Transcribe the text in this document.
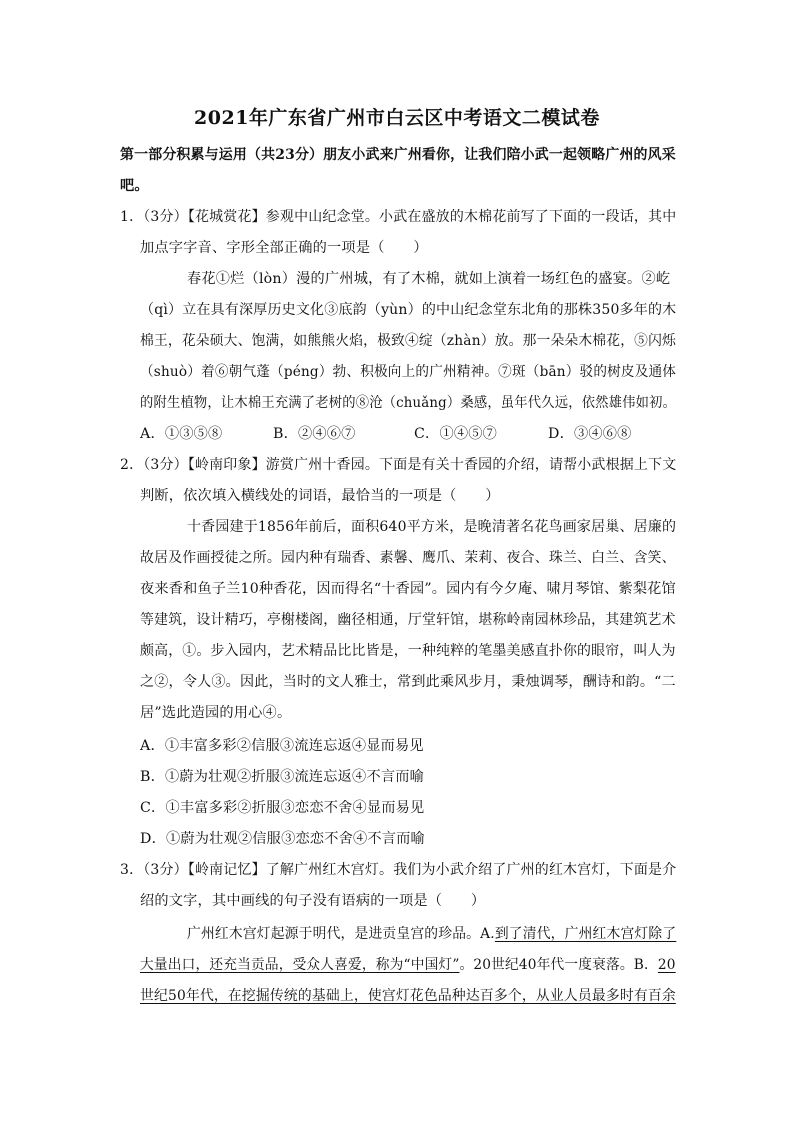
2021年广东省广州市白云区中考语文二模试卷
第一部分积累与运用（共23分）朋友小武来广州看你，让我们陪小武一起领略广州的风采
吧。
1．（3分）【花城赏花】参观中山纪念堂。小武在盛放的木棉花前写了下面的一段话，其中
加点字字音、字形全部正确的一项是（　　）
春花①烂（lòn）漫的广州城，有了木棉，就如上演着一场红色的盛宴。②屹
（qì）立在具有深厚历史文化③底韵（yùn）的中山纪念堂东北角的那株350多年的木
棉王，花朵硕大、饱满，如熊熊火焰，极致④绽（zhàn）放。那一朵朵木棉花，⑤闪烁
（shuò）着⑥朝气蓬（péng）勃、积极向上的广州精神。⑦斑（bān）驳的树皮及通体
的附生植物，让木棉王充满了老树的⑧沧（chuǎng）桑感，虽年代久远，依然雄伟如初。
A．①③⑤⑧	B．②④⑥⑦	C．①④⑤⑦	D．③④⑥⑧
2．（3分）【岭南印象】游赏广州十香园。下面是有关十香园的介绍，请帮小武根据上下文
判断，依次填入横线处的词语，最恰当的一项是（　　）
十香园建于1856年前后，面积640平方米，是晚清著名花鸟画家居巢、居廉的
故居及作画授徒之所。园内种有瑞香、素馨、鹰爪、茉莉、夜合、珠兰、白兰、含笑、
夜来香和鱼子兰10种香花，因而得名“十香园”。园内有今夕庵、啸月琴馆、紫梨花馆
等建筑，设计精巧，亭榭楼阁，幽径相通，厅堂轩馆，堪称岭南园林珍品，其建筑艺术
颇高，①。步入园内，艺术精品比比皆是，一种纯粹的笔墨美感直扑你的眼帘，叫人为
之②，令人③。因此，当时的文人雅士，常到此乘风步月，秉烛调琴，酬诗和韵。“二
居”选此造园的用心④。
A．①丰富多彩②信服③流连忘返④显而易见
B．①蔚为壮观②折服③流连忘返④不言而喻
C．①丰富多彩②折服③恋恋不舍④显而易见
D．①蔚为壮观②信服③恋恋不舍④不言而喻
3．（3分）【岭南记忆】了解广州红木宫灯。我们为小武介绍了广州的红木宫灯，下面是介
绍的文字，其中画线的句子没有语病的一项是（　　）
广州红木宫灯起源于明代，是进贡皇宫的珍品。A.到了清代，广州红木宫灯除了
大量出口，还充当贡品，受众人喜爱，称为“中国灯”。20世纪40年代一度衰落。B．20
世纪50年代，在挖掘传统的基础上，使宫灯花色品种达百多个，从业人员最多时有百余
